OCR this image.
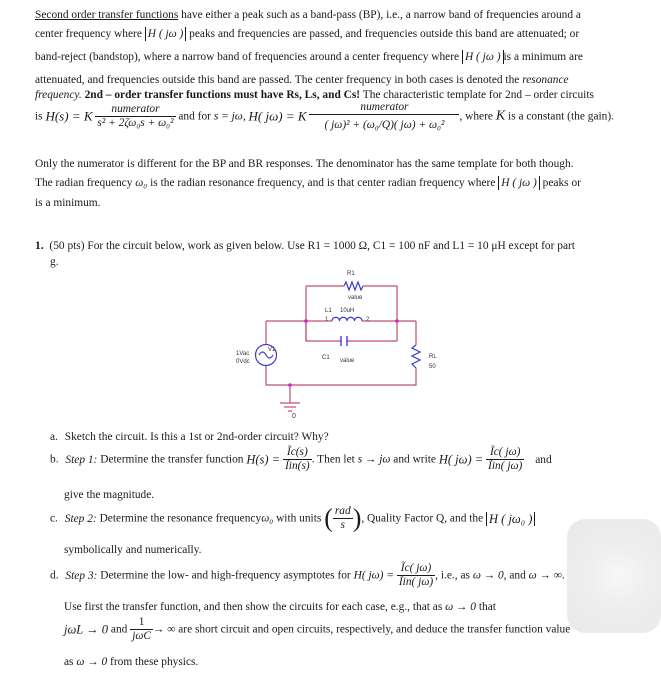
Second order transfer functions have either a peak such as a band-pass (BP), i.e., a narrow band of frequencies around a
center frequency where H ( jω ) peaks and frequencies are passed, and frequencies outside this band are attenuated; or
band-reject (bandstop), where a narrow band of frequencies around a center frequency where H ( jω ) is a minimum are
attenuated, and frequencies outside this band are passed. The center frequency in both cases is denoted the resonance
frequency. 2nd – order transfer functions must have Rs, Ls, and Cs! The characteristic template for 2nd – order circuits
is H(s) = K $\frac{\text{numerator}}{\text{s² + 2ζω₀s + ω₀²}}$ and for s = jω, H( jω) = K $\frac{\text{numerator}}{\text{( jω)² + (ω₀/Q)( jω) + ω₀²}}$ , where K is a constant (the gain).
Only the numerator is different for the BP and BR responses. The denominator has the same template for both though.
The radian frequency ω₀ is the radian resonance frequency, and is that center radian frequency where H ( jω ) peaks or
is a minimum.
1. (50 pts) For the circuit below, work as given below. Use R1 = 1000 Ω, C1 = 100 nF and L1 = 10 μH except for part
g.
R1
value
L1 10uH
1	2
C1 value
V1
1Vac
0Vdc
RL
50
0
a. Sketch the circuit. Is this a 1st or 2nd-order circuit? Why?
b. Step 1: Determine the transfer function $H(s) = \frac{Ĩc(s)}{\text{Ĩin(s)}}$ . Then let s → jω and write H( $j\omega) = \frac{Ĩc( j\omega)}{\text{Ĩin( jω)}}$ and
give the magnitude.
c. Step 2: Determine the resonance frequencyω₀ with units ( $\frac{\text{rad}}{s}$ ), Quality Factor Q, and the H ( jω₀ )
symbolically and numerically.
d. Step 3: Determine the low- and high-frequency asymptotes for H( $j\omega) = \frac{Ĩc( j\omega)}{\text{Ĩin( jω)}}$ , i.e., as ω → 0, and ω → ∞.
Use first the transfer function, and then show the circuits for each case, e.g., that as ω → 0 that
jωL → 0 and $\frac{1}{\text{jωC}}$ → ∞ are short circuit and open circuits, respectively, and deduce the transfer function value
as ω → 0 from these physics.
